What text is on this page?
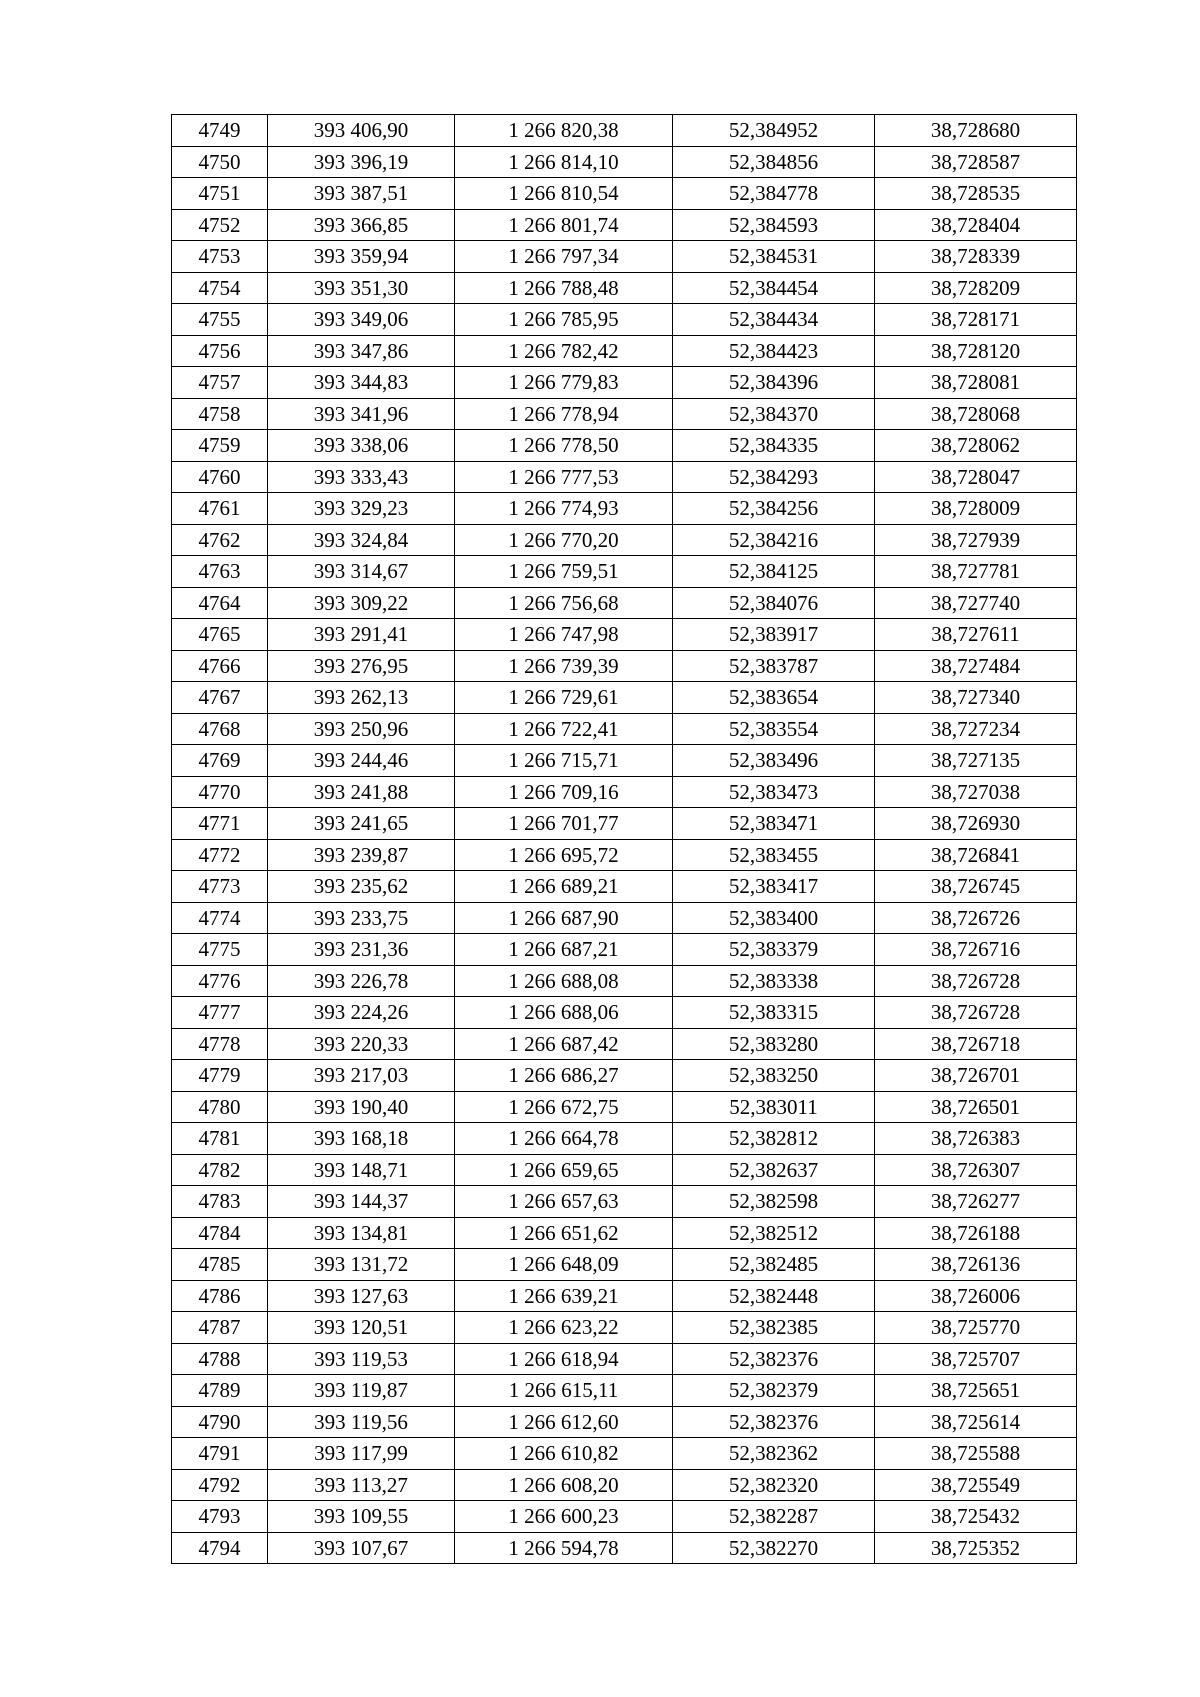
4749	393 406,90	1 266 820,38	52,384952	38,728680
4750	393 396,19	1 266 814,10	52,384856	38,728587
4751	393 387,51	1 266 810,54	52,384778	38,728535
4752	393 366,85	1 266 801,74	52,384593	38,728404
4753	393 359,94	1 266 797,34	52,384531	38,728339
4754	393 351,30	1 266 788,48	52,384454	38,728209
4755	393 349,06	1 266 785,95	52,384434	38,728171
4756	393 347,86	1 266 782,42	52,384423	38,728120
4757	393 344,83	1 266 779,83	52,384396	38,728081
4758	393 341,96	1 266 778,94	52,384370	38,728068
4759	393 338,06	1 266 778,50	52,384335	38,728062
4760	393 333,43	1 266 777,53	52,384293	38,728047
4761	393 329,23	1 266 774,93	52,384256	38,728009
4762	393 324,84	1 266 770,20	52,384216	38,727939
4763	393 314,67	1 266 759,51	52,384125	38,727781
4764	393 309,22	1 266 756,68	52,384076	38,727740
4765	393 291,41	1 266 747,98	52,383917	38,727611
4766	393 276,95	1 266 739,39	52,383787	38,727484
4767	393 262,13	1 266 729,61	52,383654	38,727340
4768	393 250,96	1 266 722,41	52,383554	38,727234
4769	393 244,46	1 266 715,71	52,383496	38,727135
4770	393 241,88	1 266 709,16	52,383473	38,727038
4771	393 241,65	1 266 701,77	52,383471	38,726930
4772	393 239,87	1 266 695,72	52,383455	38,726841
4773	393 235,62	1 266 689,21	52,383417	38,726745
4774	393 233,75	1 266 687,90	52,383400	38,726726
4775	393 231,36	1 266 687,21	52,383379	38,726716
4776	393 226,78	1 266 688,08	52,383338	38,726728
4777	393 224,26	1 266 688,06	52,383315	38,726728
4778	393 220,33	1 266 687,42	52,383280	38,726718
4779	393 217,03	1 266 686,27	52,383250	38,726701
4780	393 190,40	1 266 672,75	52,383011	38,726501
4781	393 168,18	1 266 664,78	52,382812	38,726383
4782	393 148,71	1 266 659,65	52,382637	38,726307
4783	393 144,37	1 266 657,63	52,382598	38,726277
4784	393 134,81	1 266 651,62	52,382512	38,726188
4785	393 131,72	1 266 648,09	52,382485	38,726136
4786	393 127,63	1 266 639,21	52,382448	38,726006
4787	393 120,51	1 266 623,22	52,382385	38,725770
4788	393 119,53	1 266 618,94	52,382376	38,725707
4789	393 119,87	1 266 615,11	52,382379	38,725651
4790	393 119,56	1 266 612,60	52,382376	38,725614
4791	393 117,99	1 266 610,82	52,382362	38,725588
4792	393 113,27	1 266 608,20	52,382320	38,725549
4793	393 109,55	1 266 600,23	52,382287	38,725432
4794	393 107,67	1 266 594,78	52,382270	38,725352
